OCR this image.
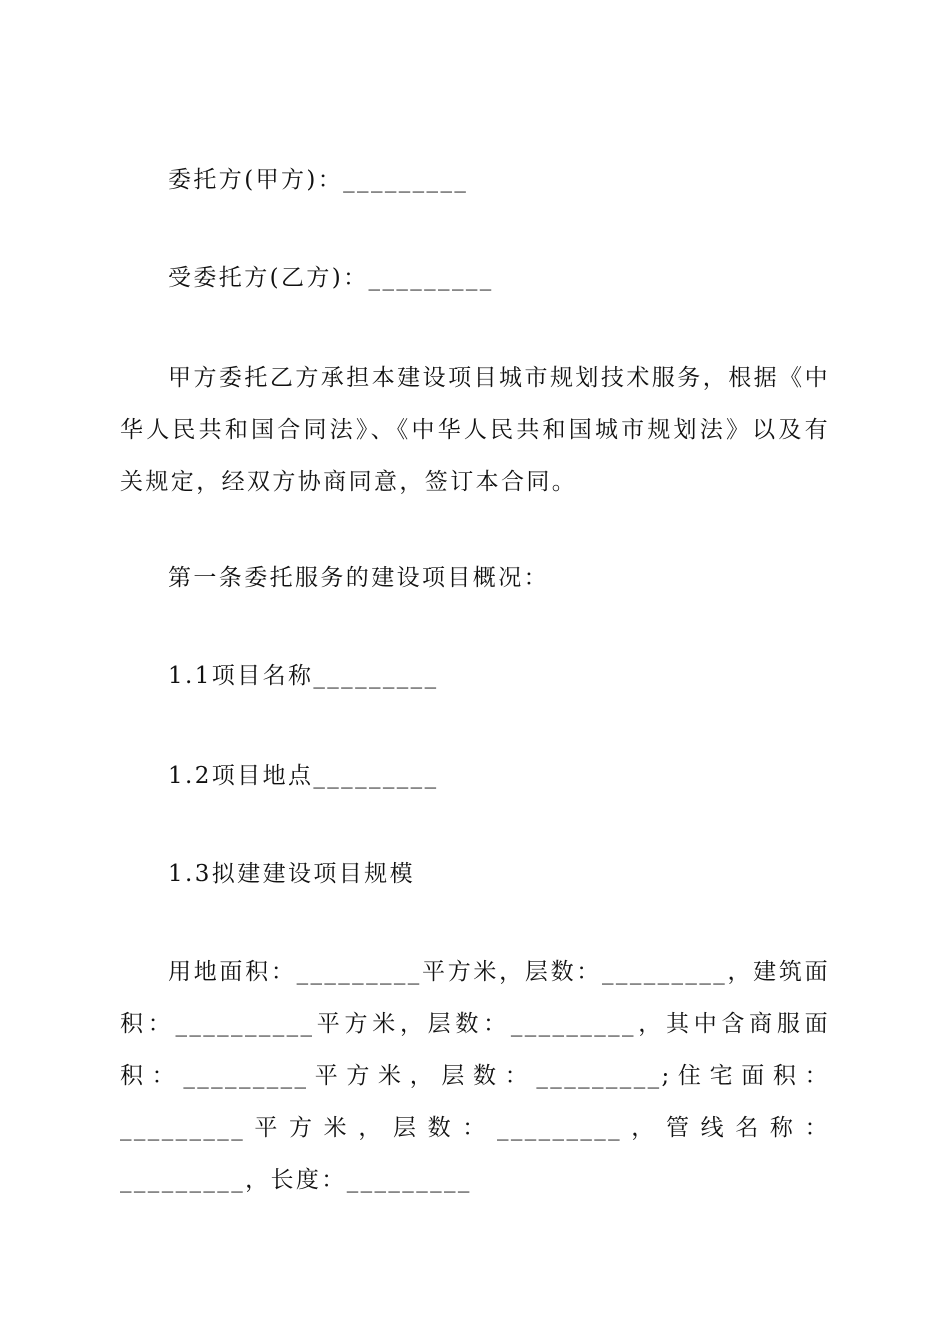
委托方(甲方)：_________
受委托方(乙方)：_________
甲方委托乙方承担本建设项目城市规划技术服务，根据《中华人民共和国合同法》、《中华人民共和国城市规划法》以及有关规定，经双方协商同意，签订本合同。
第一条委托服务的建设项目概况：
1.1项目名称_________
1.2项目地点_________
1.3拟建建设项目规模
用地面积：_________平方米，层数：_________，建筑面积：__________平方米，层数：_________，其中含商服面积：_________平方米，层数：_________;住宅面积：_________平方米，层数：_________，管线名称：_________，长度：_________
